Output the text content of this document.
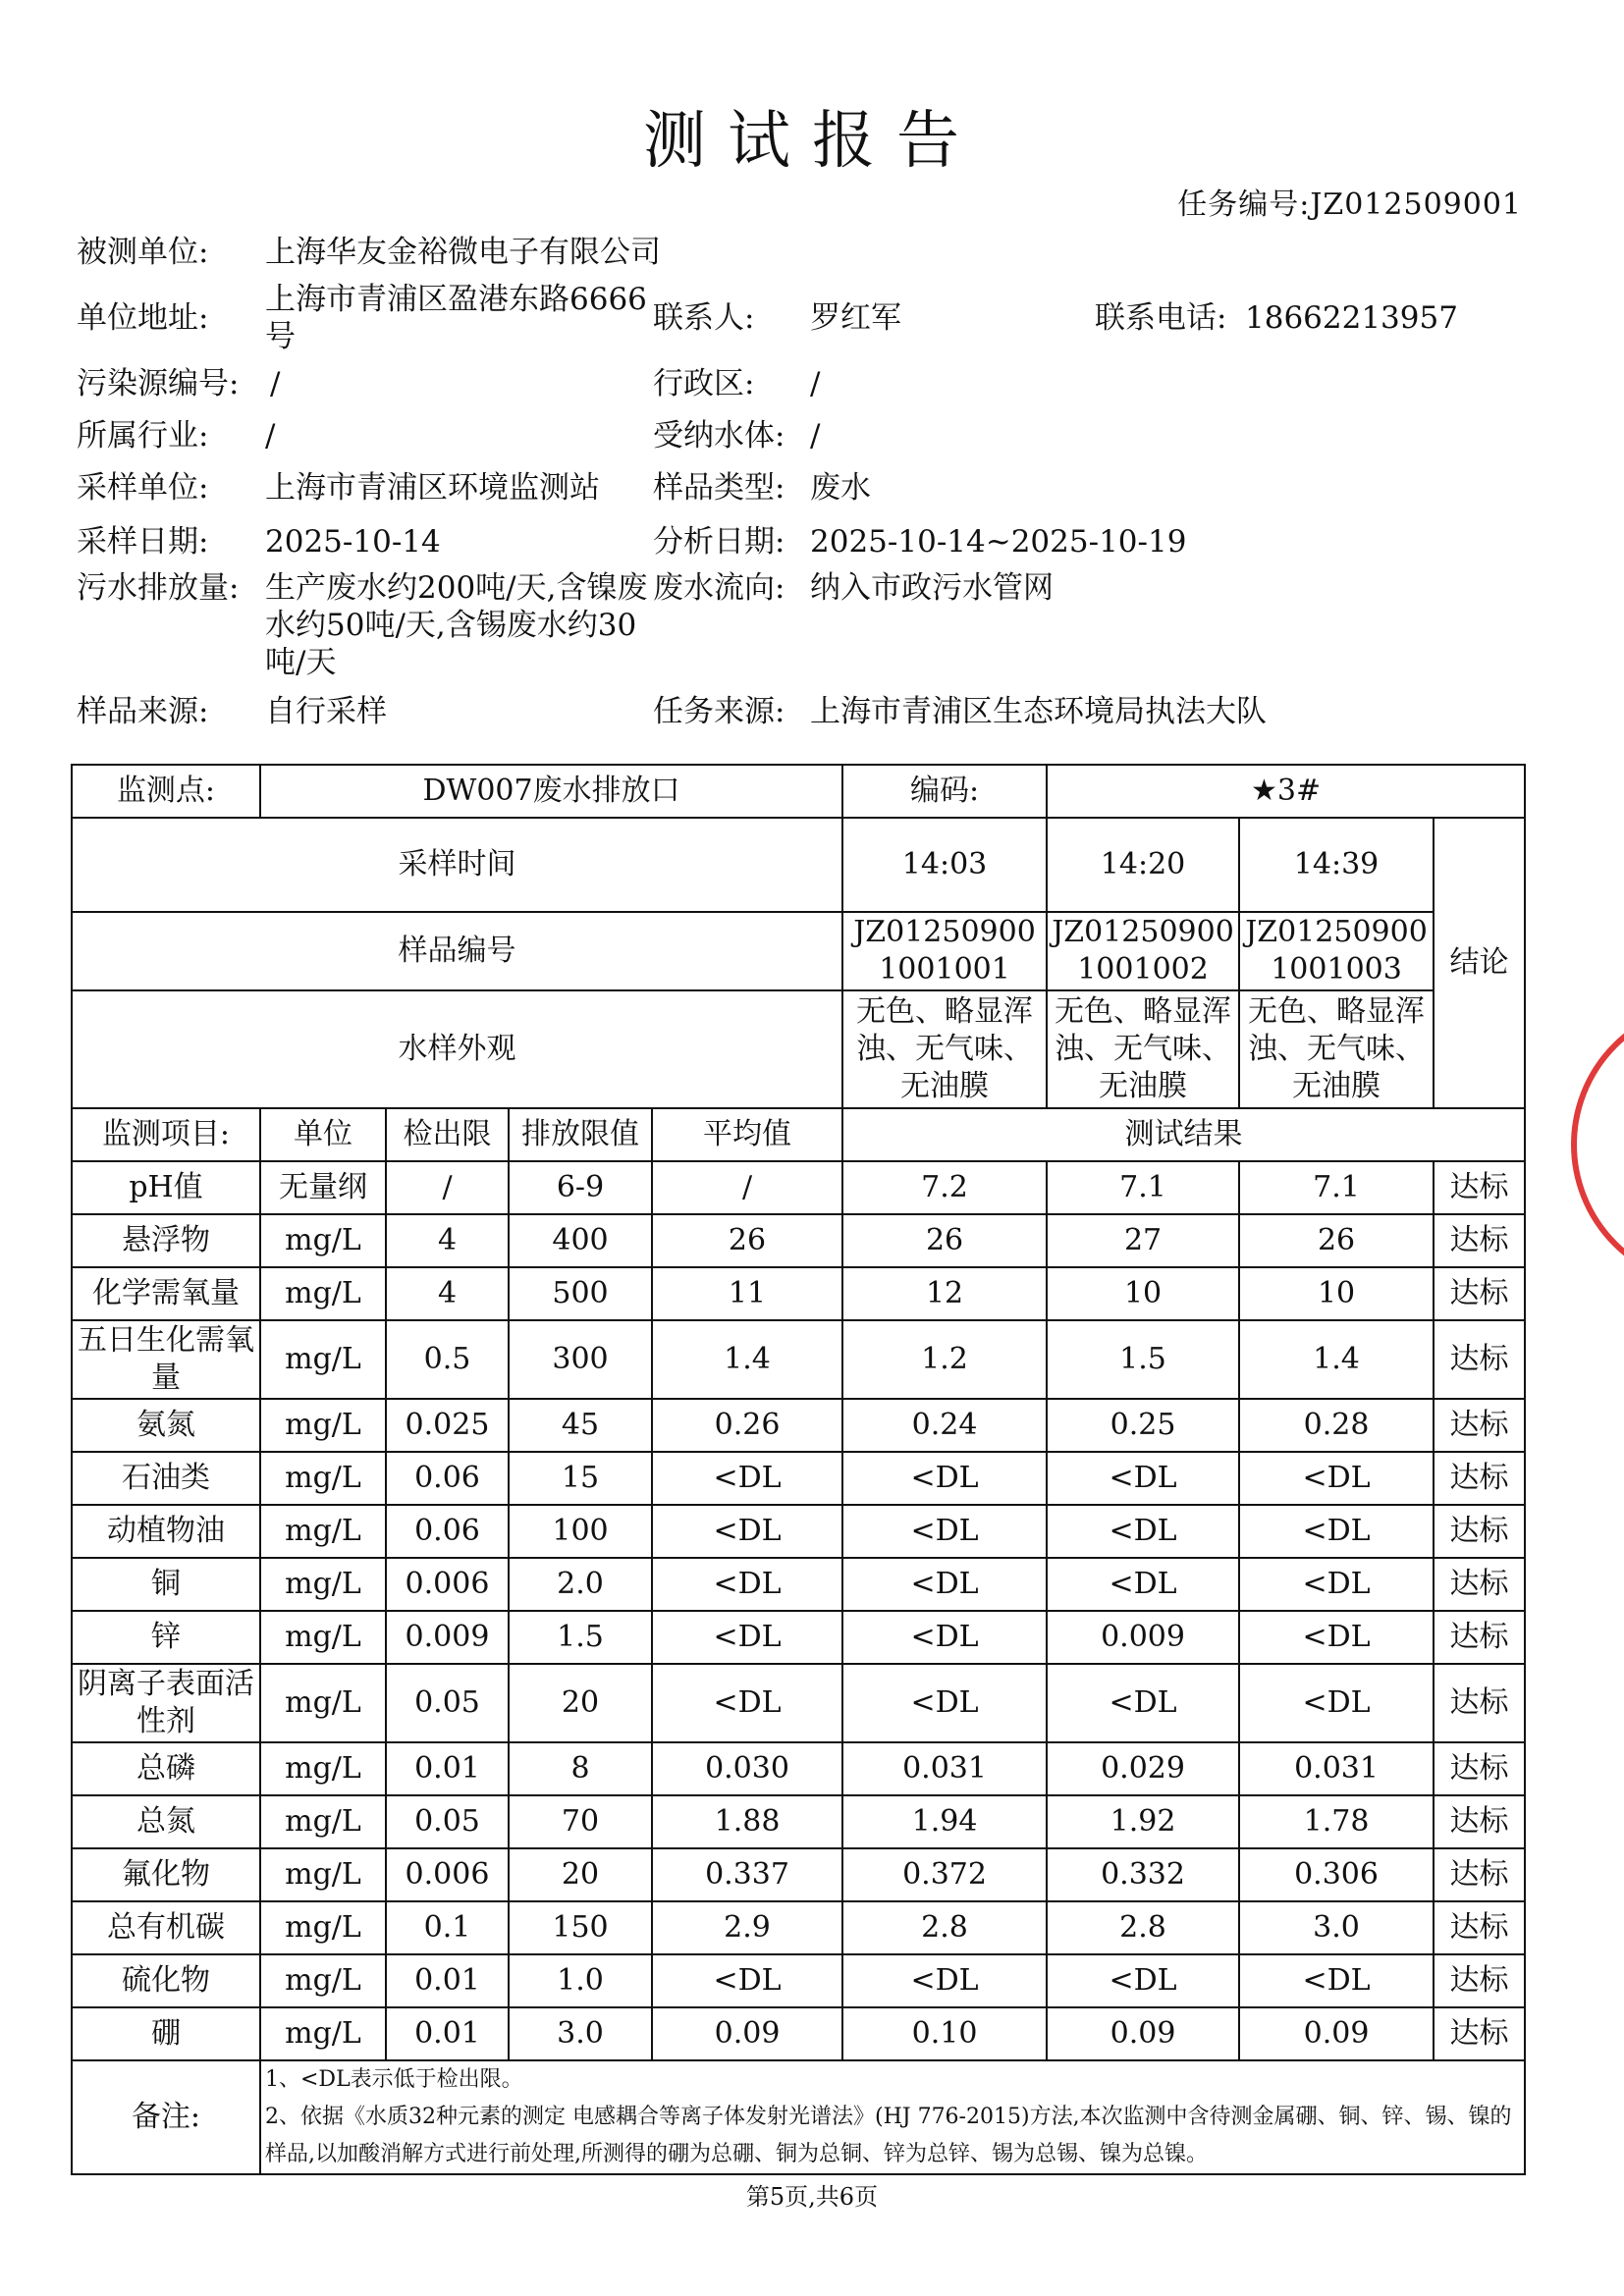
测试报告
任务编号:JZ012509001
被测单位: 上海华友金裕微电子有限公司
单位地址:
上海市青浦区盈港东路6666号
联系人: 罗红军	联系电话: 18662213957
污染源编号: /	行政区: /
所属行业: /	受纳水体: /
采样单位: 上海市青浦区环境监测站 样品类型: 废水
采样日期: 2025-10-14	分析日期: 2025-10-14~2025-10-19
污水排放量: 生产废水约200吨/天,含镍废水约50吨/天,含锡废水约30吨/天
废水流向: 纳入市政污水管网
样品来源: 自行采样	任务来源: 上海市青浦区生态环境局执法大队
监测点:	DW007废水排放口				编码:	★3#		
采样时间					14:03	14:20	14:39	结论
样品编号					JZ012509001001001	JZ012509001001002	JZ012509001001003	
水样外观					无色、略显浑浊、无气味、无油膜	无色、略显浑浊、无气味、无油膜	无色、略显浑浊、无气味、无油膜	
监测项目:	单位	检出限	排放限值	平均值	测试结果			
pH值	无量纲	/	6-9	/	7.2	7.1	7.1	达标
悬浮物	mg/L	4	400	26	26	27	26	达标
化学需氧量	mg/L	4	500	11	12	10	10	达标
五日生化需氧量	mg/L	0.5	300	1.4	1.2	1.5	1.4	达标
氨氮	mg/L	0.025	45	0.26	0.24	0.25	0.28	达标
石油类	mg/L	0.06	15	<DL	<DL	<DL	<DL	达标
动植物油	mg/L	0.06	100	<DL	<DL	<DL	<DL	达标
铜	mg/L	0.006	2.0	<DL	<DL	<DL	<DL	达标
锌	mg/L	0.009	1.5	<DL	<DL	0.009	<DL	达标
阴离子表面活性剂	mg/L	0.05	20	<DL	<DL	<DL	<DL	达标
总磷	mg/L	0.01	8	0.030	0.031	0.029	0.031	达标
总氮	mg/L	0.05	70	1.88	1.94	1.92	1.78	达标
氟化物	mg/L	0.006	20	0.337	0.372	0.332	0.306	达标
总有机碳	mg/L	0.1	150	2.9	2.8	2.8	3.0	达标
硫化物	mg/L	0.01	1.0	<DL	<DL	<DL	<DL	达标
硼	mg/L	0.01	3.0	0.09	0.10	0.09	0.09	达标
备注:	1、<DL表示低于检出限。
2、依据《水质32种元素的测定 电感耦合等离子体发射光谱法》(HJ 776-2015)方法,本次监测中含待测金属硼、铜、锌、锡、镍的样品,以加酸消解方式进行前处理,所测得的硼为总硼、铜为总铜、锌为总锌、锡为总锡、镍为总镍。							
第5页,共6页
